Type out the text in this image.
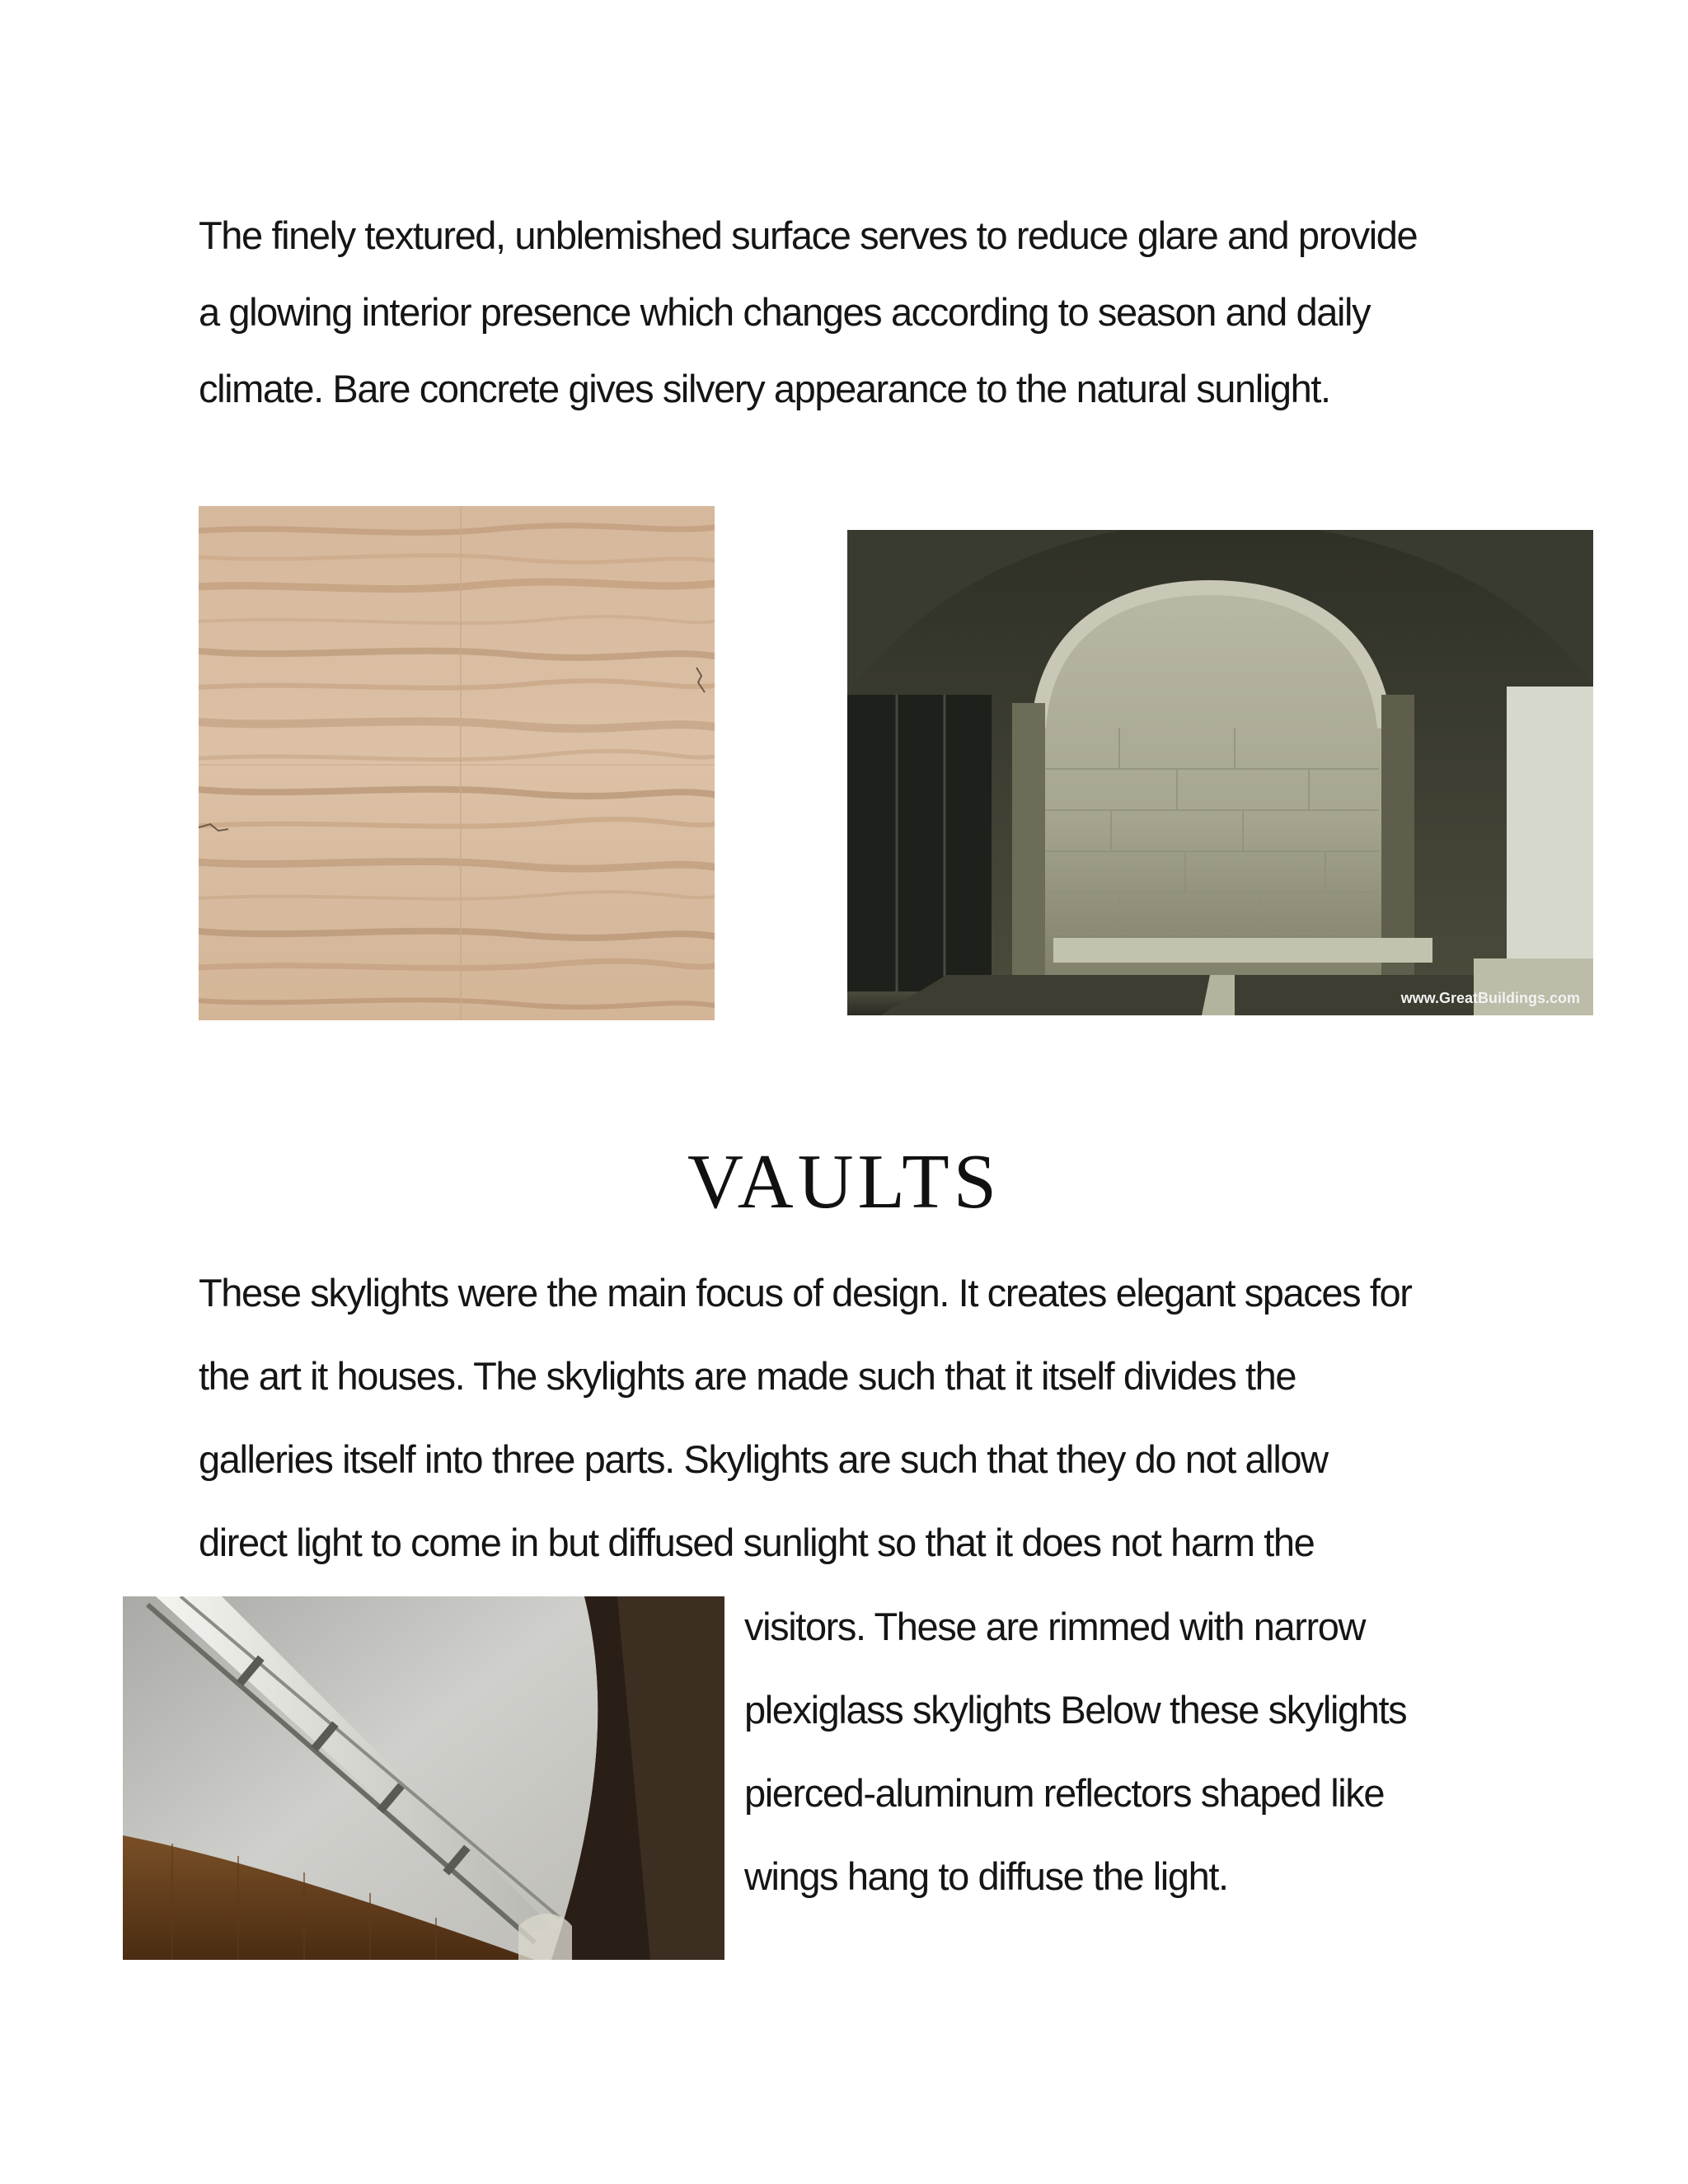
The finely textured, unblemished surface serves to reduce glare and provide
a glowing interior presence which changes according to season and daily
climate. Bare concrete gives silvery appearance to the natural sunlight.
www.GreatBuildings.com
VAULTS
These skylights were the main focus of design. It creates elegant spaces for
the art it houses. The skylights are made such that it itself divides the
galleries itself into three parts. Skylights are such that they do not allow
direct light to come in but diffused sunlight so that it does not harm the
visitors. These are rimmed with narrow
plexiglass skylights Below these skylights
pierced-aluminum reflectors shaped like
wings hang to diffuse the light.
